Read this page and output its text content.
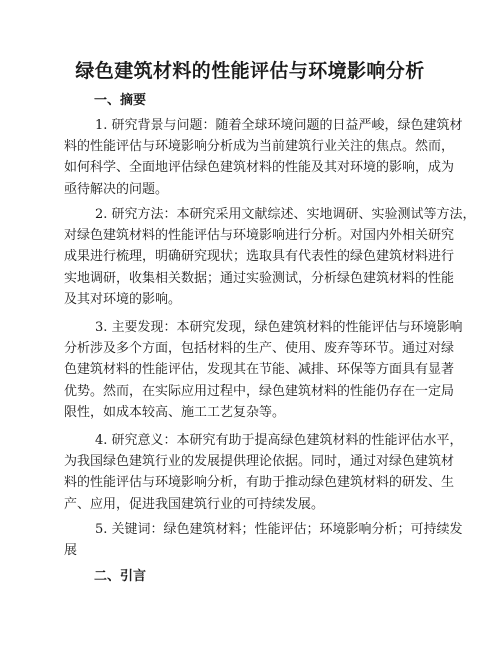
绿色建筑材料的性能评估与环境影响分析
一、摘要
1. 研究背景与问题：随着全球环境问题的日益严峻，绿色建筑材
料的性能评估与环境影响分析成为当前建筑行业关注的焦点。然而，
如何科学、全面地评估绿色建筑材料的性能及其对环境的影响，成为
亟待解决的问题。
2. 研究方法：本研究采用文献综述、实地调研、实验测试等方法，
对绿色建筑材料的性能评估与环境影响进行分析。对国内外相关研究
成果进行梳理，明确研究现状；选取具有代表性的绿色建筑材料进行
实地调研，收集相关数据；通过实验测试，分析绿色建筑材料的性能
及其对环境的影响。
3. 主要发现：本研究发现，绿色建筑材料的性能评估与环境影响
分析涉及多个方面，包括材料的生产、使用、废弃等环节。通过对绿
色建筑材料的性能评估，发现其在节能、减排、环保等方面具有显著
优势。然而，在实际应用过程中，绿色建筑材料的性能仍存在一定局
限性，如成本较高、施工工艺复杂等。
4. 研究意义：本研究有助于提高绿色建筑材料的性能评估水平，
为我国绿色建筑行业的发展提供理论依据。同时，通过对绿色建筑材
料的性能评估与环境影响分析，有助于推动绿色建筑材料的研发、生
产、应用，促进我国建筑行业的可持续发展。
5. 关键词：绿色建筑材料；性能评估；环境影响分析；可持续发
展
二、引言
